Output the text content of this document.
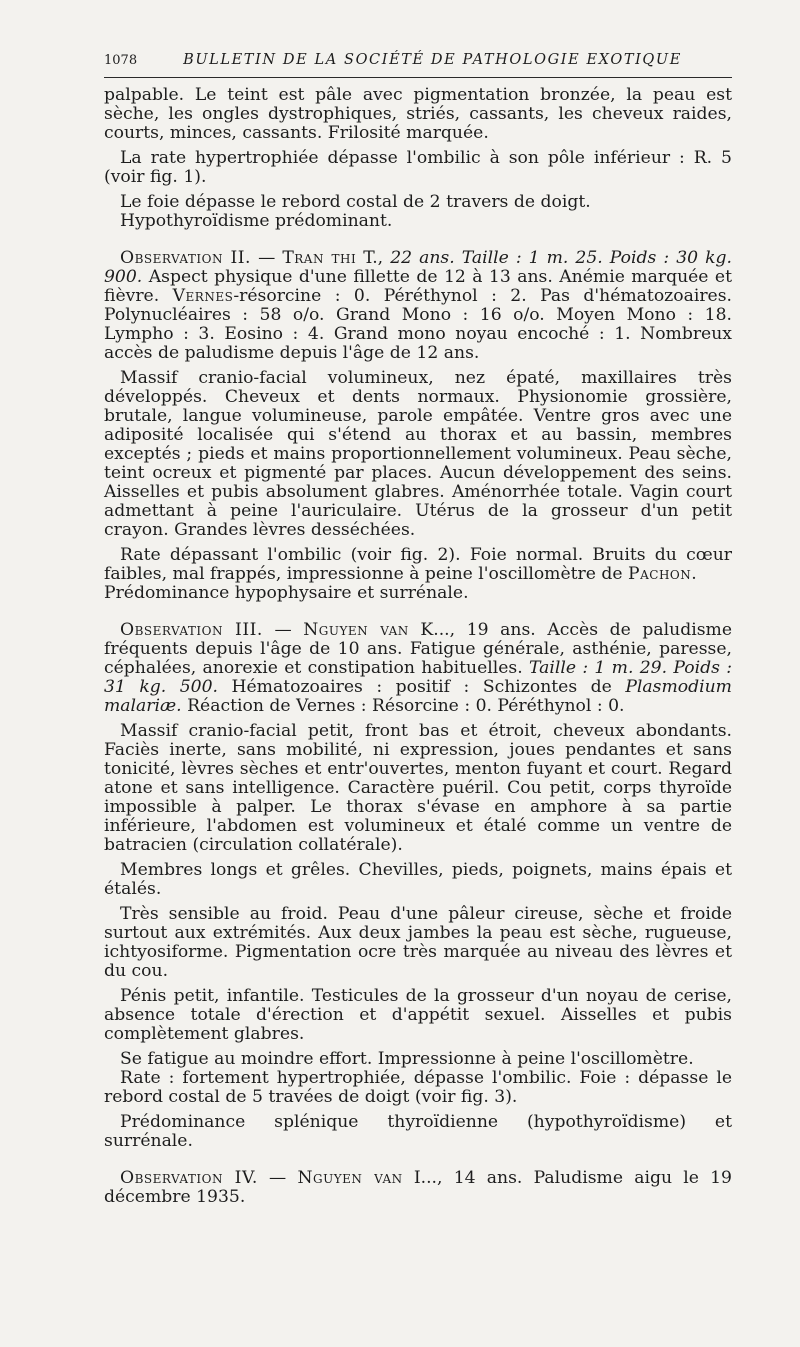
1078	BULLETIN DE LA SOCIÉTÉ DE PATHOLOGIE EXOTIQUE

palpable. Le teint est pâle avec pigmentation bronzée, la peau est sèche, les ongles dystrophiques, striés, cassants, les cheveux raides, courts, minces, cassants. Frilosité marquée.

La rate hypertrophiée dépasse l'ombilic à son pôle inférieur : R. 5 (voir fig. 1).

Le foie dépasse le rebord costal de 2 travers de doigt.

Hypothyroïdisme prédominant.

Observation II. — Tran thi T., 22 ans. Taille : 1 m. 25. Poids : 30 kg. 900. Aspect physique d'une fillette de 12 à 13 ans. Anémie marquée et fièvre. Vernes-résorcine : 0. Péréthynol : 2. Pas d'hématozoaires. Polynucléaires : 58 o/o. Grand Mono : 16 o/o. Moyen Mono : 18. Lympho : 3. Eosino : 4. Grand mono noyau encoché : 1. Nombreux accès de paludisme depuis l'âge de 12 ans.

Massif cranio-facial volumineux, nez épaté, maxillaires très développés. Cheveux et dents normaux. Physionomie grossière, brutale, langue volumineuse, parole empâtée. Ventre gros avec une adiposité localisée qui s'étend au thorax et au bassin, membres exceptés ; pieds et mains proportionnellement volumineux. Peau sèche, teint ocreux et pigmenté par places. Aucun développement des seins. Aisselles et pubis absolument glabres. Aménorrhée totale. Vagin court admettant à peine l'auriculaire. Utérus de la grosseur d'un petit crayon. Grandes lèvres desséchées.

Rate dépassant l'ombilic (voir fig. 2). Foie normal. Bruits du cœur faibles, mal frappés, impressionne à peine l'oscillomètre de Pachon.

Prédominance hypophysaire et surrénale.

Observation III. — Nguyen van K..., 19 ans. Accès de paludisme fréquents depuis l'âge de 10 ans. Fatigue générale, asthénie, paresse, céphalées, anorexie et constipation habituelles. Taille : 1 m. 29. Poids : 31 kg. 500. Hématozoaires : positif : Schizontes de Plasmodium malariæ. Réaction de Vernes : Résorcine : 0. Péréthynol : 0.

Massif cranio-facial petit, front bas et étroit, cheveux abondants. Faciès inerte, sans mobilité, ni expression, joues pendantes et sans tonicité, lèvres sèches et entr'ouvertes, menton fuyant et court. Regard atone et sans intelligence. Caractère puéril. Cou petit, corps thyroïde impossible à palper. Le thorax s'évase en amphore à sa partie inférieure, l'abdomen est volumineux et étalé comme un ventre de batracien (circulation collatérale).

Membres longs et grêles. Chevilles, pieds, poignets, mains épais et étalés.

Très sensible au froid. Peau d'une pâleur cireuse, sèche et froide surtout aux extrémités. Aux deux jambes la peau est sèche, rugueuse, ichtyosiforme. Pigmentation ocre très marquée au niveau des lèvres et du cou.

Pénis petit, infantile. Testicules de la grosseur d'un noyau de cerise, absence totale d'érection et d'appétit sexuel. Aisselles et pubis complètement glabres.

Se fatigue au moindre effort. Impressionne à peine l'oscillomètre.

Rate : fortement hypertrophiée, dépasse l'ombilic. Foie : dépasse le rebord costal de 5 travées de doigt (voir fig. 3).

Prédominance splénique thyroïdienne (hypothyroïdisme) et surrénale.

Observation IV. — Nguyen van I..., 14 ans. Paludisme aigu le 19 décembre 1935.
